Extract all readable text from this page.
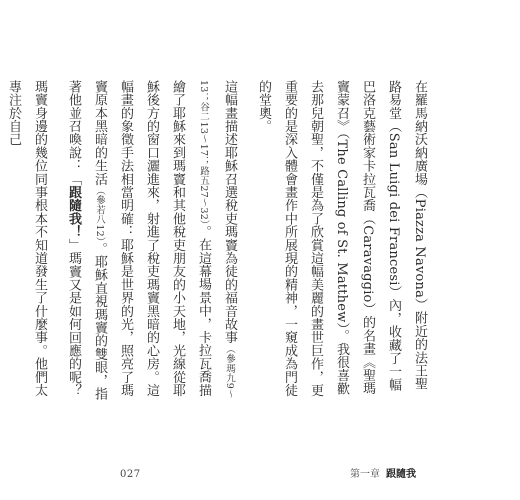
在羅馬納沃納廣場（Piazza Navona）附近的法王聖路易堂（San Luigi dei Francesi）內，收藏了一幅巴洛克藝術家卡拉瓦喬（Caravaggio）的名畫《聖瑪竇蒙召》（The Calling of St. Matthew）。我很喜歡去那兒朝聖，不僅是為了欣賞這幅美麗的畫世巨作，更重要的是深入體會畫作中所展現的精神，一窺成為門徒的堂奧。

這幅畫描述耶穌召選稅吏瑪竇為徒的福音故事（參瑪九9～13；谷二13～17；路五27～32）。在這幕場景中，卡拉瓦喬描繪了耶穌來到瑪竇和其他稅吏朋友的小天地，光線從耶穌後方的窗口灑進來，射進了稅吏瑪竇黑暗的心房。這幅畫的象徵手法相當明確：耶穌是世界的光，照亮了瑪竇原本黑暗的生活（參若八12）。耶穌直視瑪竇的雙眼，指著他並召喚說：「跟隨我！」瑪竇又是如何回應的呢？

瑪竇身邊的幾位同事根本不知道發生了什麼事。他們太專注於自己

027	第一章 跟隨我
